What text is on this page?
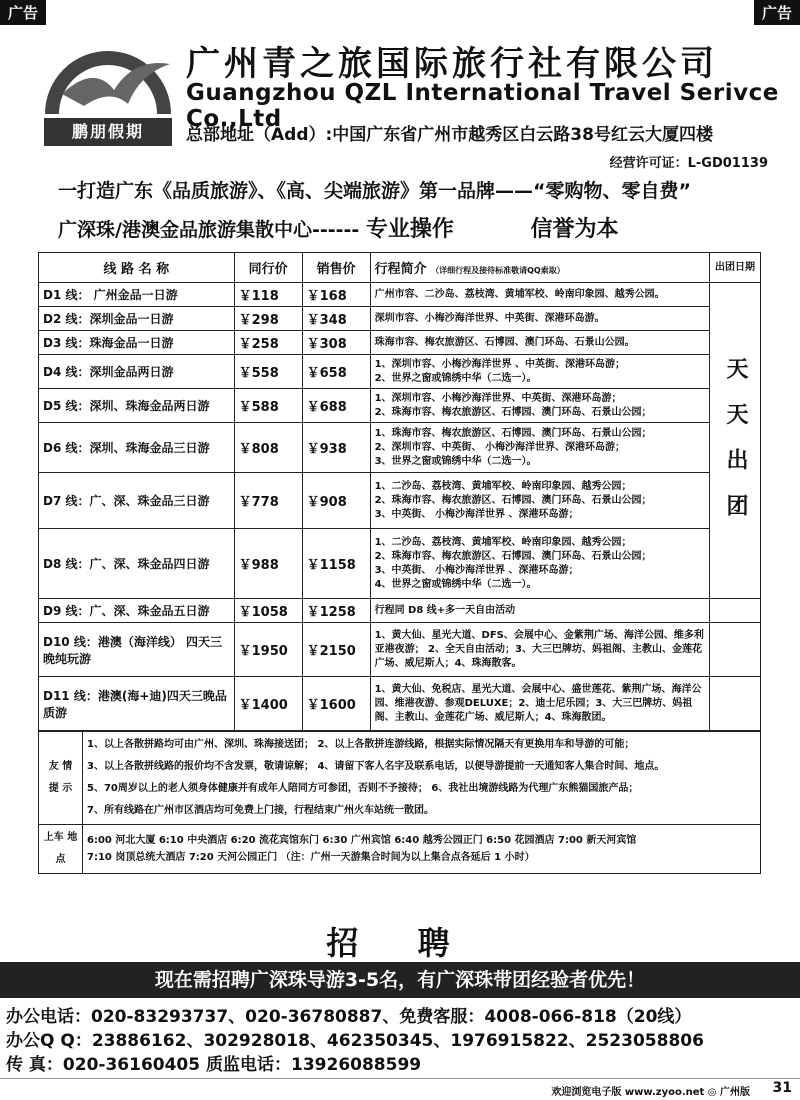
广告	广告
鹏朋假期
广州青之旅国际旅行社有限公司
Guangzhou QZL International Travel Serivce Co.,Ltd
总部地址（Add）:中国广东省广州市越秀区白云路38号红云大厦四楼
经营许可证：L-GD01139
一打造广东《品质旅游》、《高、尖端旅游》第一品牌——“零购物、零自费”
广深珠/港澳金品旅游集散中心------ 专业操作	信誉为本
线 路 名 称	同行价	销售价	行程简介 （详细行程及接待标准敬请QQ索取）	出团日期
D1 线： 广州金品一日游	￥118	￥168	广州市容、二沙岛、荔枝湾、黄埔军校、岭南印象园、越秀公园。	天 天 出 团
D2 线：深圳金品一日游	￥298	￥348	深圳市容、小梅沙海洋世界、中英街、深港环岛游。	

D3 线：珠海金品一日游	￥258	￥308	珠海市容、梅农旅游区、石博园、澳门环岛、石景山公园。	

D4 线：深圳金品两日游	￥558	￥658	1、深圳市容、小梅沙海洋世界 、中英街、深港环岛游；
2、世界之窗或锦绣中华（二选一）。	

D5 线：深圳、珠海金品两日游	￥588	￥688	1、深圳市容、小梅沙海洋世界、中英街、深港环岛游；
2、珠海市容、梅农旅游区、石博园、澳门环岛、石景山公园；	

D6 线：深圳、珠海金品三日游	￥808	￥938	1、珠海市容、梅农旅游区、石博园、澳门环岛、石景山公园；
2、深圳市容、中英街、 小梅沙海洋世界、深港环岛游；
3、世界之窗或锦绣中华（二选一）。	

D7 线：广、深、珠金品三日游	￥778	￥908	1、二沙岛、荔枝湾、黄埔军校、岭南印象园、越秀公园；
2、珠海市容、梅农旅游区、石博园、澳门环岛、石景山公园；
3、中英街、 小梅沙海洋世界 、深港环岛游；	

D8 线：广、深、珠金品四日游	￥988	￥1158	1、二沙岛、荔枝湾、黄埔军校、岭南印象园、越秀公园；
2、珠海市容、梅农旅游区、石博园、澳门环岛、石景山公园；
3、中英街、 小梅沙海洋世界 、深港环岛游；
4、世界之窗或锦绣中华（二选一）。	

D9 线：广、深、珠金品五日游	￥1058	￥1258	行程同 D8 线+多一天自由活动	

D10 线：港澳（海洋线） 四天三晚纯玩游	￥1950	￥2150	1、黄大仙、星光大道、DFS、会展中心、金紫荆广场、海洋公园、维多利亚港夜游； 2、全天自由活动；3、大三巴牌坊、妈祖阁、主教山、金莲花广场、威尼斯人；4、珠海散客。	

D11 线：港澳(海+迪)四天三晚品质游	￥1400	￥1600	1、黄大仙、免税店、星光大道、会展中心、盛世莲花、紫荆广场、海洋公园、维港夜游、参观DELUXE；2、迪士尼乐园；3、大三巴牌坊、妈祖阁、主教山、金莲花广场、威尼斯人；4、珠海散团。	

友 情 提 示	1、以上各散拼路均可由广州、深圳、珠海接送团； 2、以上各散拼连游线路，根据实际情况隔天有更换用车和导游的可能；
3、以上各散拼线路的报价均不含发票，敬请谅解； 4、请留下客人名字及联系电话，以便导游提前一天通知客人集合时间、地点。
5、70周岁以上的老人须身体健康并有成年人陪同方可参团，否则不予接待； 6、我社出境游线路为代理广东熊猫国旅产品；
7、所有线路在广州市区酒店均可免费上门接，行程结束广州火车站统一散团。

上车 地点	6:00 河北大厦 6:10 中央酒店 6:20 流花宾馆东门 6:30 广州宾馆 6:40 越秀公园正门 6:50 花园酒店 7:00 新天河宾馆
7:10 岗顶总统大酒店 7:20 天河公园正门 （注：广州一天游集合时间为以上集合点各延后 1 小时）
招 聘
现在需招聘广深珠导游3-5名，有广深珠带团经验者优先！
办公电话：020-83293737、020-36780887、免费客服：4008-066-818（20线）
办公Q Q：23886162、302928018、462350345、1976915822、2523058806
传 真：020-36160405 质监电话：13926088599
欢迎浏览电子版 www.zyoo.net ◎ 广州版 31
